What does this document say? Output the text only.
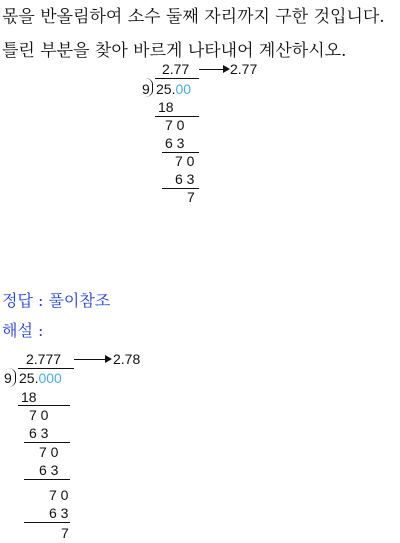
몫을 반올림하여 소수 둘째 자리까지 구한 것입니다.
틀린 부분을 찾아 바르게 나타내어 계산하시오.
2.77	2.77
9 25.00
18
7 0
6 3
7 0
6 3
7
정답 : 풀이참조
해설 :
2.777	2.78
9 25.000
18
7 0
6 3
7 0
6 3
7 0
6 3
7
